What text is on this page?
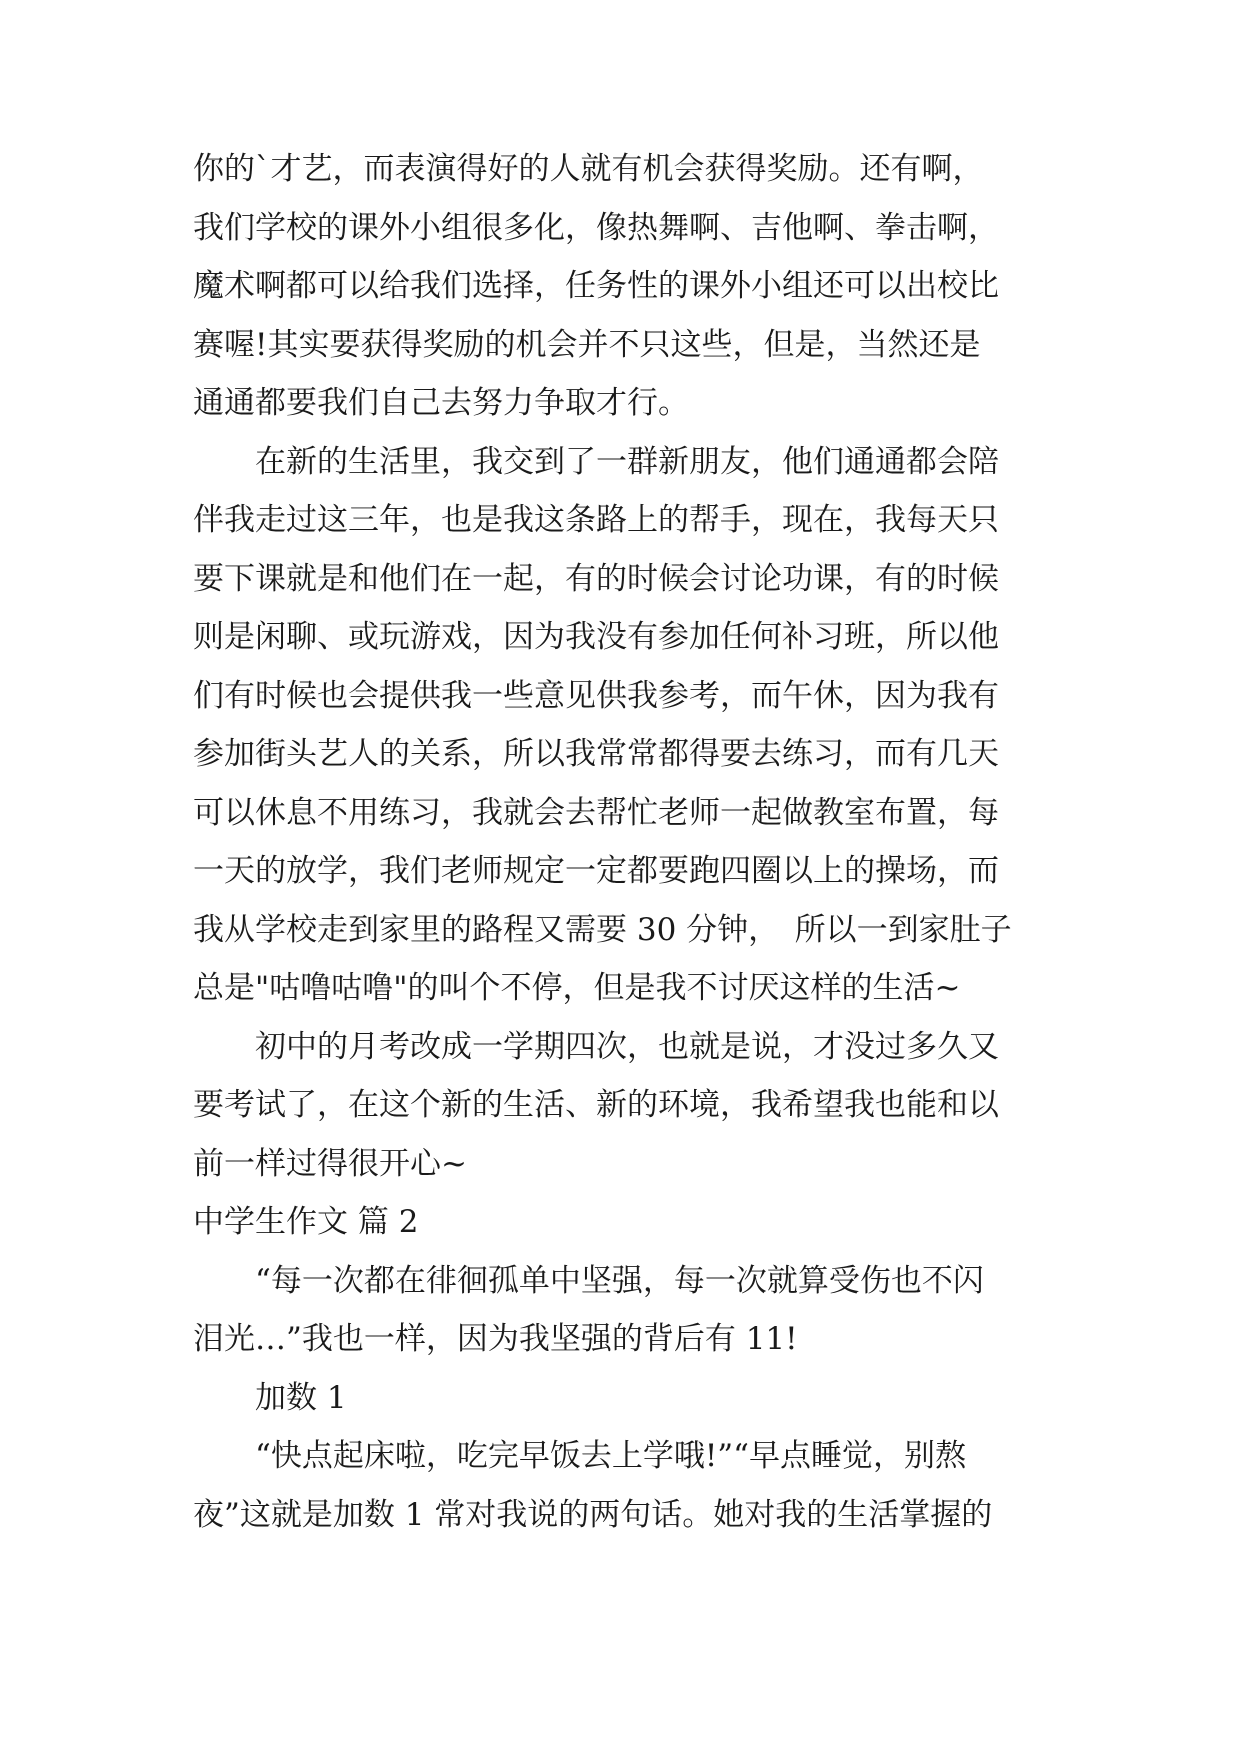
你的`才艺，而表演得好的人就有机会获得奖励。还有啊，
我们学校的课外小组很多化，像热舞啊、吉他啊、拳击啊，
魔术啊都可以给我们选择，任务性的课外小组还可以出校比
赛喔!其实要获得奖励的机会并不只这些，但是，当然还是
通通都要我们自己去努力争取才行。
在新的生活里，我交到了一群新朋友，他们通通都会陪
伴我走过这三年，也是我这条路上的帮手，现在，我每天只
要下课就是和他们在一起，有的时候会讨论功课，有的时候
则是闲聊、或玩游戏，因为我没有参加任何补习班，所以他
们有时候也会提供我一些意见供我参考，而午休，因为我有
参加街头艺人的关系，所以我常常都得要去练习，而有几天
可以休息不用练习，我就会去帮忙老师一起做教室布置，每
一天的放学，我们老师规定一定都要跑四圈以上的操场，而
我从学校走到家里的路程又需要 30 分钟，　所以一到家肚子
总是"咕噜咕噜"的叫个不停，但是我不讨厌这样的生活~
初中的月考改成一学期四次，也就是说，才没过多久又
要考试了，在这个新的生活、新的环境，我希望我也能和以
前一样过得很开心~
中学生作文 篇 2
“每一次都在徘徊孤单中坚强，每一次就算受伤也不闪
泪光…”我也一样，因为我坚强的背后有 11!
加数 1
“快点起床啦，吃完早饭去上学哦!”“早点睡觉，别熬
夜”这就是加数 1 常对我说的两句话。她对我的生活掌握的
